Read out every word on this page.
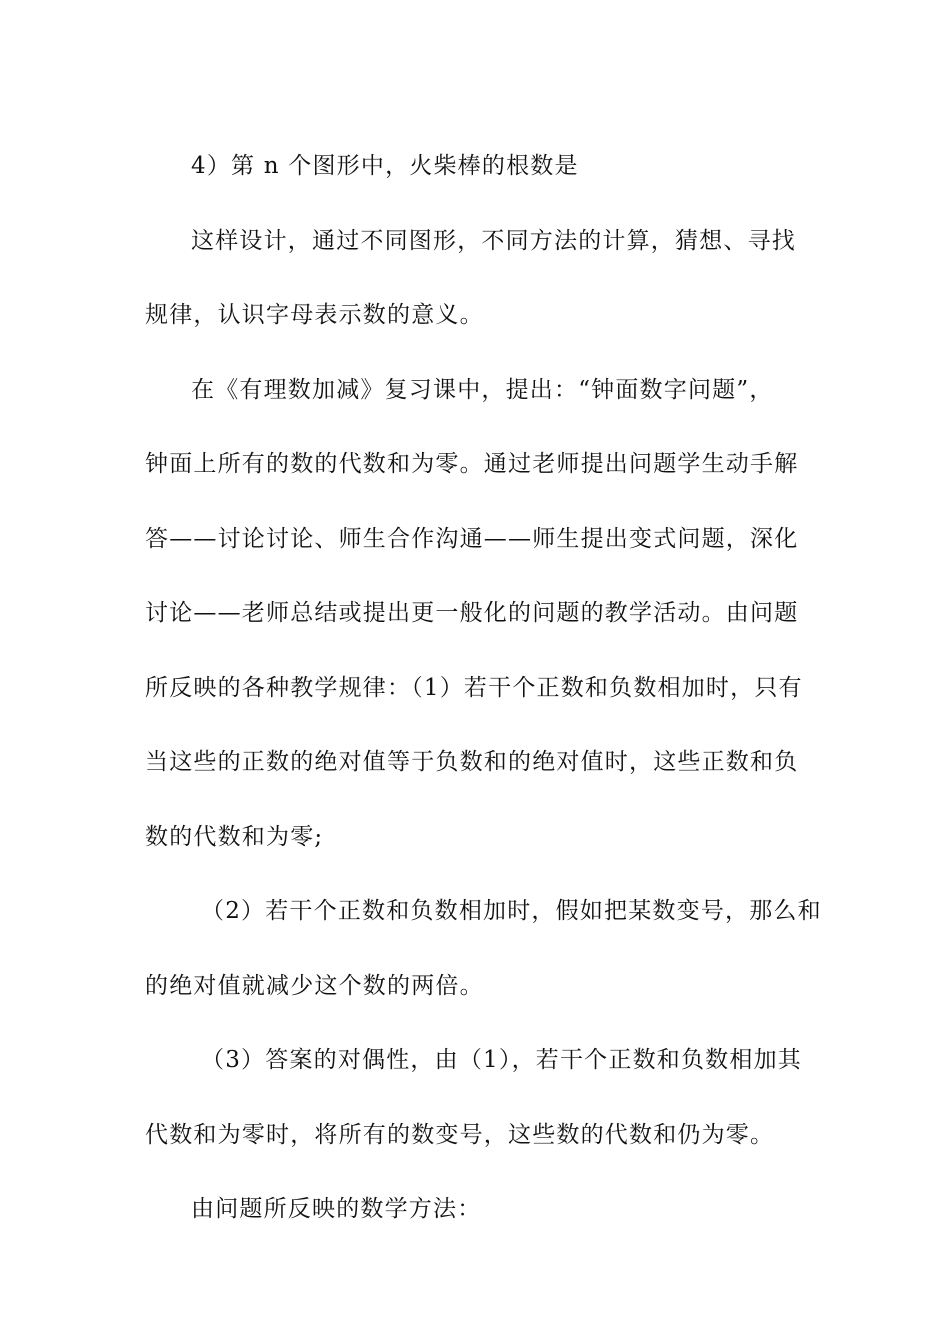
4）第 n 个图形中，火柴棒的根数是

这样设计，通过不同图形，不同方法的计算，猜想、寻找
规律，认识字母表示数的意义。

在《有理数加减》复习课中，提出：“钟面数字问题”，
钟面上所有的数的代数和为零。通过老师提出问题学生动手解
答——讨论讨论、师生合作沟通——师生提出变式问题，深化
讨论——老师总结或提出更一般化的问题的教学活动。由问题
所反映的各种教学规律：（1）若干个正数和负数相加时，只有
当这些的正数的绝对值等于负数和的绝对值时，这些正数和负
数的代数和为零;

（2）若干个正数和负数相加时，假如把某数变号，那么和
的绝对值就减少这个数的两倍。

（3）答案的对偶性，由（1），若干个正数和负数相加其
代数和为零时，将所有的数变号，这些数的代数和仍为零。

由问题所反映的数学方法：
